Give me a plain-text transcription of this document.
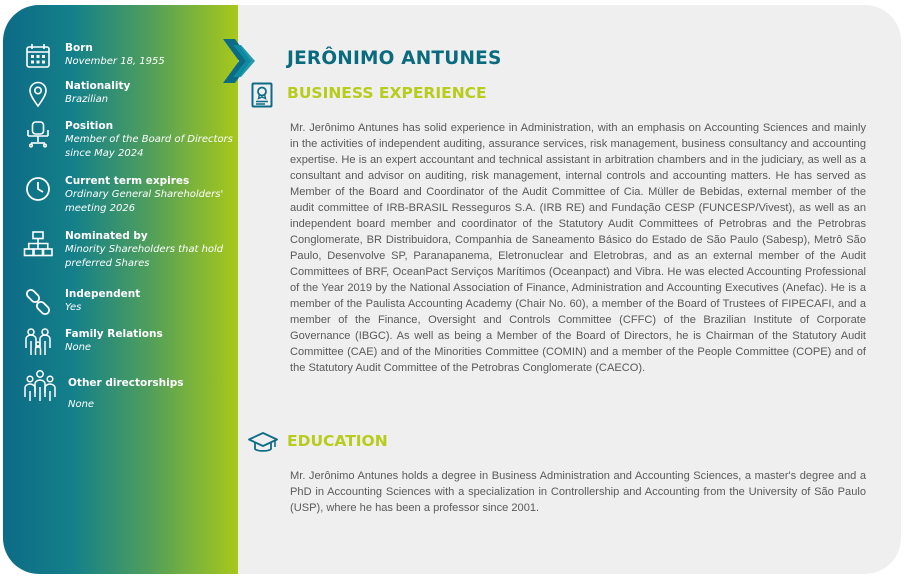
Born
November 18, 1955
Nationality
Brazilian
Position
Member of the Board of Directors since May 2024
Current term expires
Ordinary General Shareholders' meeting 2026
Nominated by
Minority Shareholders that hold preferred Shares
Independent
Yes
Family Relations
None
Other directorships
None
JERÔNIMO ANTUNES
BUSINESS EXPERIENCE

Mr. Jerônimo Antunes has solid experience in Administration, with an emphasis on Accounting Sciences and mainly in the activities of independent auditing, assurance services, risk management, business consultancy and accounting expertise. He is an expert accountant and technical assistant in arbitration chambers and in the judiciary, as well as a consultant and advisor on auditing, risk management, internal controls and accounting matters. He has served as Member of the Board and Coordinator of the Audit Committee of Cia. Müller de Bebidas, external member of the audit committee of IRB-BRASIL Resseguros S.A. (IRB RE) and Fundação CESP (FUNCESP/Vivest), as well as an independent board member and coordinator of the Statutory Audit Committees of Petrobras and the Petrobras Conglomerate, BR Distribuidora, Companhia de Saneamento Básico do Estado de São Paulo (Sabesp), Metrô São Paulo, Desenvolve SP, Paranapanema, Eletronuclear and Eletrobras, and as an external member of the Audit Committees of BRF, OceanPact Serviços Marítimos (Oceanpact) and Vibra. He was elected Accounting Professional of the Year 2019 by the National Association of Finance, Administration and Accounting Executives (Anefac). He is a member of the Paulista Accounting Academy (Chair No. 60), a member of the Board of Trustees of FIPECAFI, and a member of the Finance, Oversight and Controls Committee (CFFC) of the Brazilian Institute of Corporate Governance (IBGC). As well as being a Member of the Board of Directors, he is Chairman of the Statutory Audit Committee (CAE) and of the Minorities Committee (COMIN) and a member of the People Committee (COPE) and of the Statutory Audit Committee of the Petrobras Conglomerate (CAECO).

EDUCATION

Mr. Jerônimo Antunes holds a degree in Business Administration and Accounting Sciences, a master's degree and a PhD in Accounting Sciences with a specialization in Controllership and Accounting from the University of São Paulo (USP), where he has been a professor since 2001.
